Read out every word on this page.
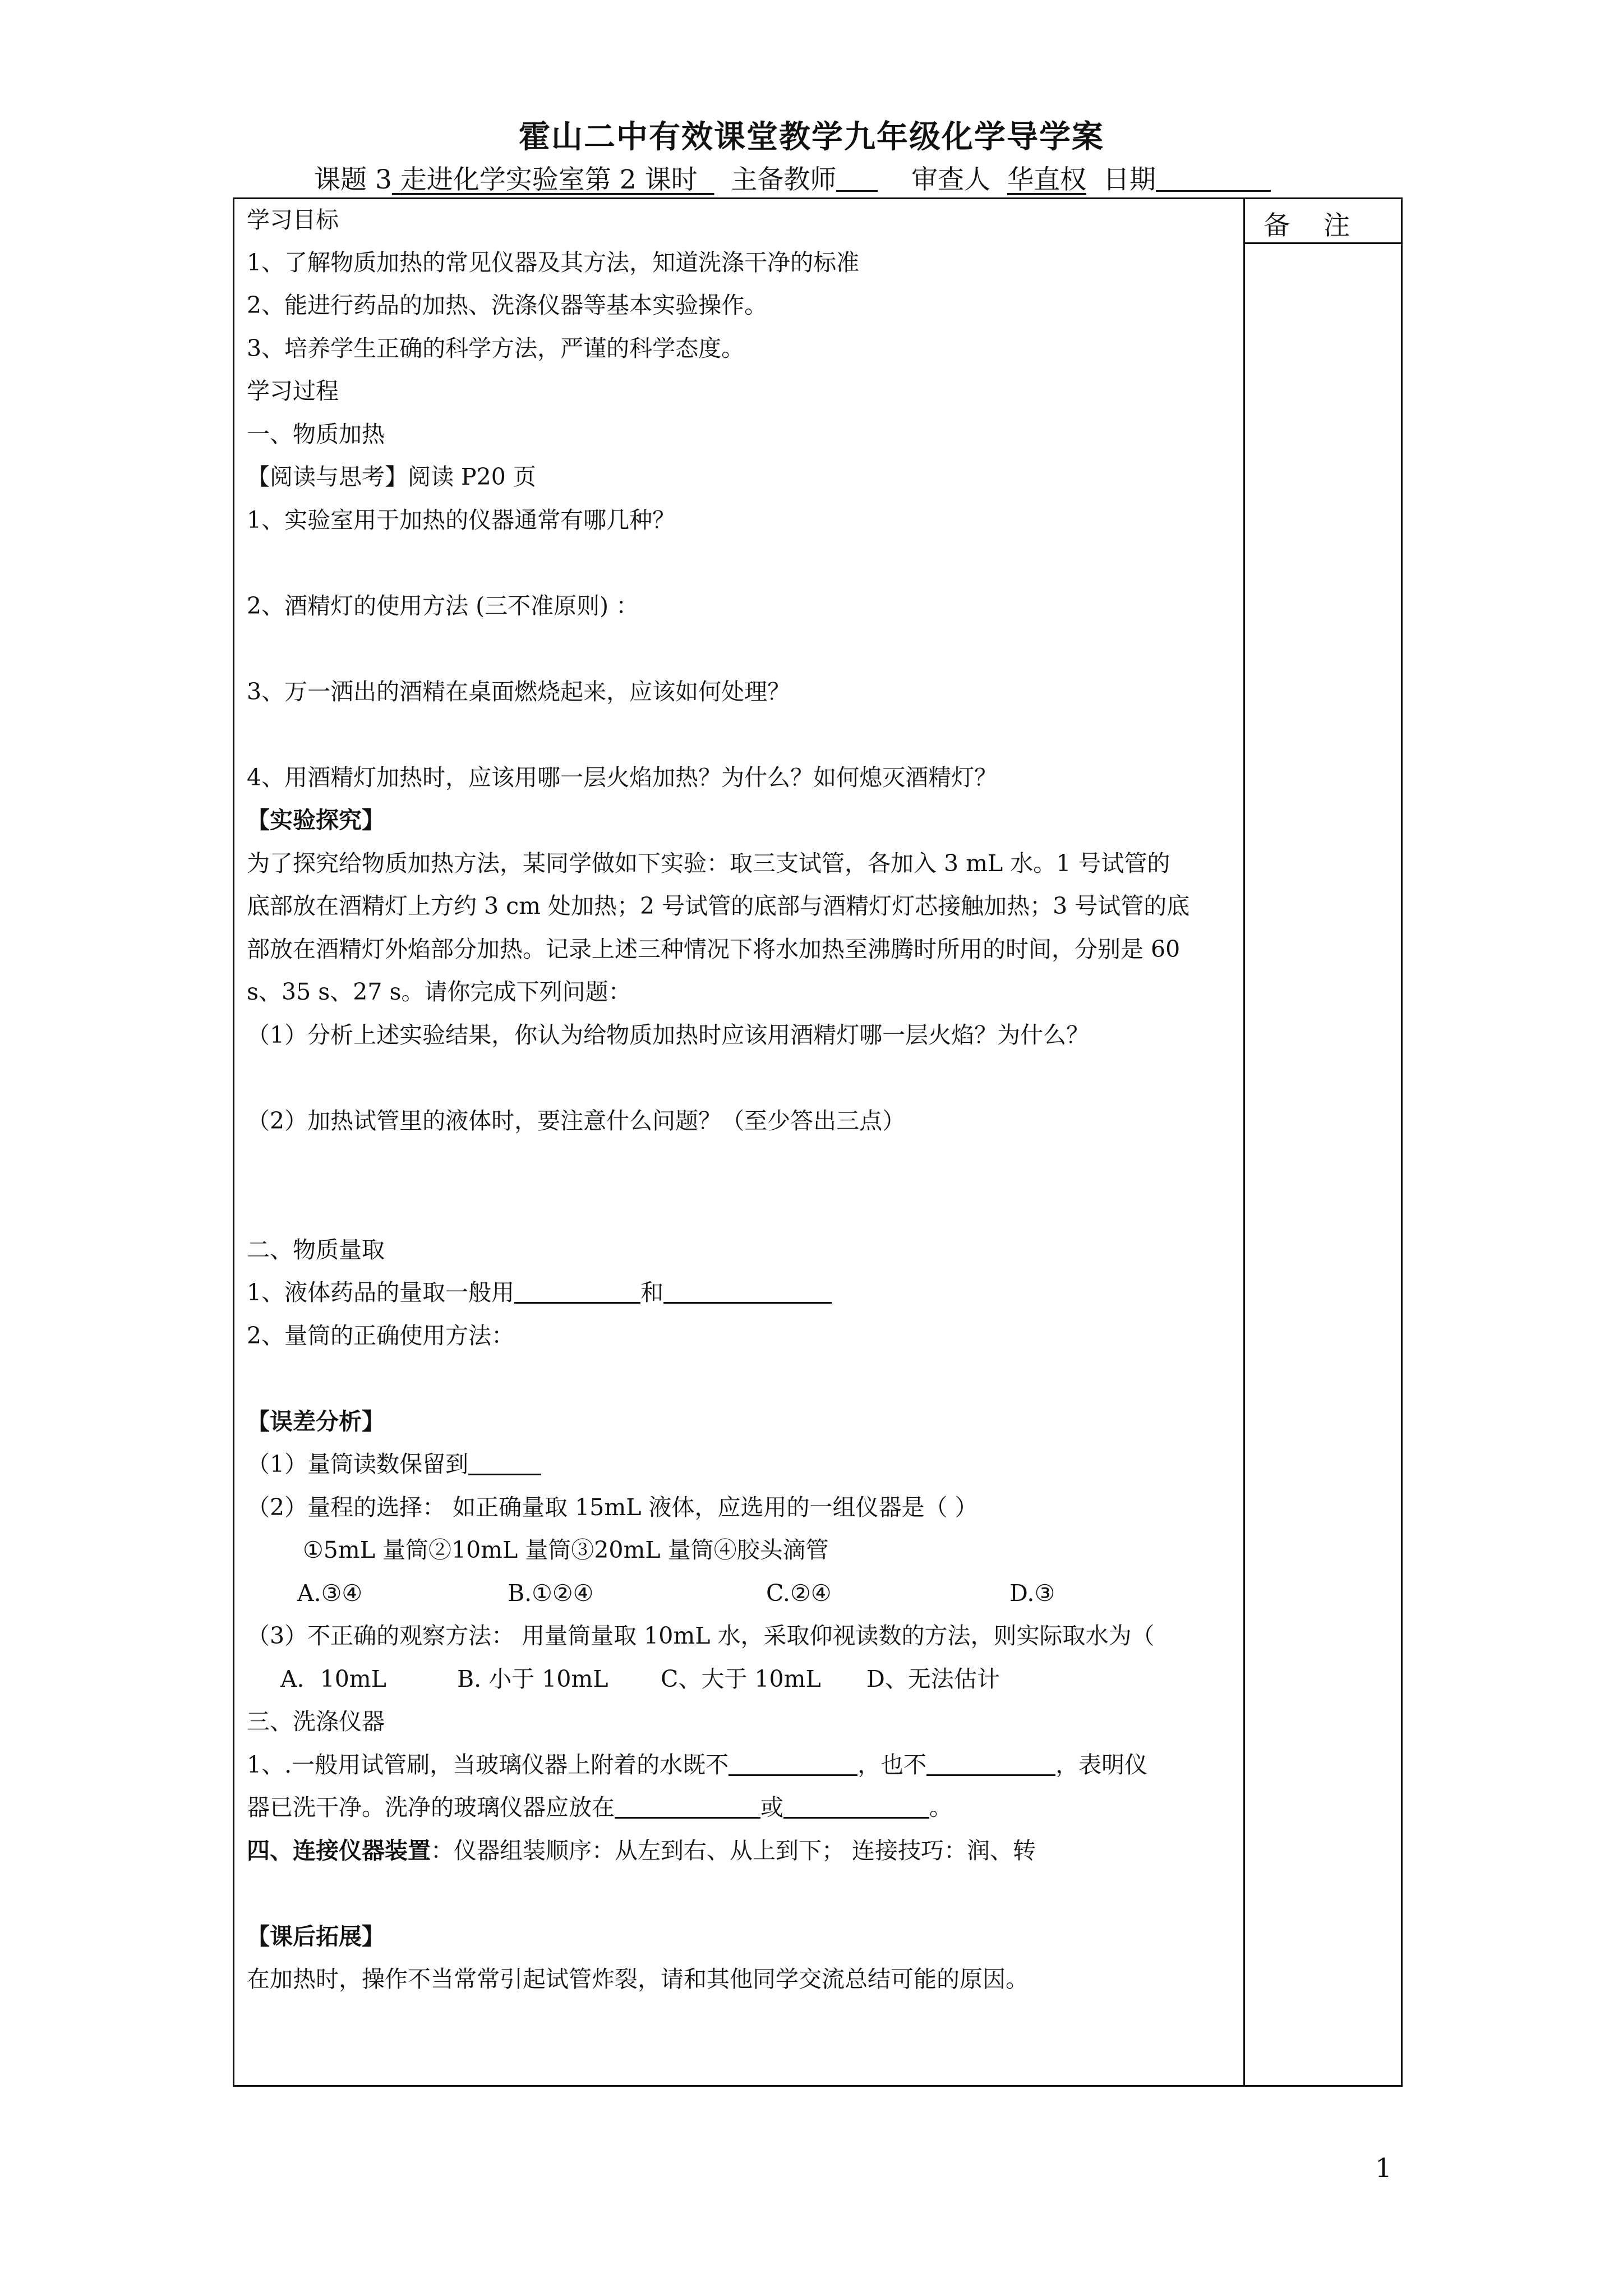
霍山二中有效课堂教学九年级化学导学案
课题 3 走进化学实验室第 2 课时 主备教师	审查人 华直权 日期
备注
学习目标
1、了解物质加热的常见仪器及其方法，知道洗涤干净的标准
2、能进行药品的加热、洗涤仪器等基本实验操作。
3、培养学生正确的科学方法，严谨的科学态度。
学习过程
一、物质加热
【阅读与思考】阅读 P20 页
1、实验室用于加热的仪器通常有哪几种？
2、酒精灯的使用方法 (三不准原则) ：
3、万一洒出的酒精在桌面燃烧起来，应该如何处理？
4、用酒精灯加热时，应该用哪一层火焰加热？为什么？如何熄灭酒精灯？
【实验探究】
为了探究给物质加热方法，某同学做如下实验：取三支试管，各加入 3 mL 水。1 号试管的
底部放在酒精灯上方约 3 cm 处加热；2 号试管的底部与酒精灯灯芯接触加热；3 号试管的底
部放在酒精灯外焰部分加热。记录上述三种情况下将水加热至沸腾时所用的时间，分别是 60
s、35 s、27 s。请你完成下列问题：
（1）分析上述实验结果，你认为给物质加热时应该用酒精灯哪一层火焰？为什么？
（2）加热试管里的液体时，要注意什么问题？（至少答出三点）
二、物质量取
1、液体药品的量取一般用	和
2、量筒的正确使用方法：
【误差分析】
（1）量筒读数保留到
（2）量程的选择： 如正确量取 15mL 液体，应选用的一组仪器是（ ）
①5mL 量筒②10mL 量筒③20mL 量筒④胶头滴管
A.③④	B.①②④	C.②④	D.③
（3）不正确的观察方法： 用量筒量取 10mL 水，采取仰视读数的方法，则实际取水为（
A．10mL	B. 小于 10mL C、大于 10mL D、无法估计
三、洗涤仪器
1、.一般用试管刷，当玻璃仪器上附着的水既不	，也不	，表明仪
器已洗干净。洗净的玻璃仪器应放在	或	。
四、连接仪器装置：仪器组装顺序：从左到右、从上到下； 连接技巧：润、转
【课后拓展】
在加热时，操作不当常常引起试管炸裂，请和其他同学交流总结可能的原因。
1
